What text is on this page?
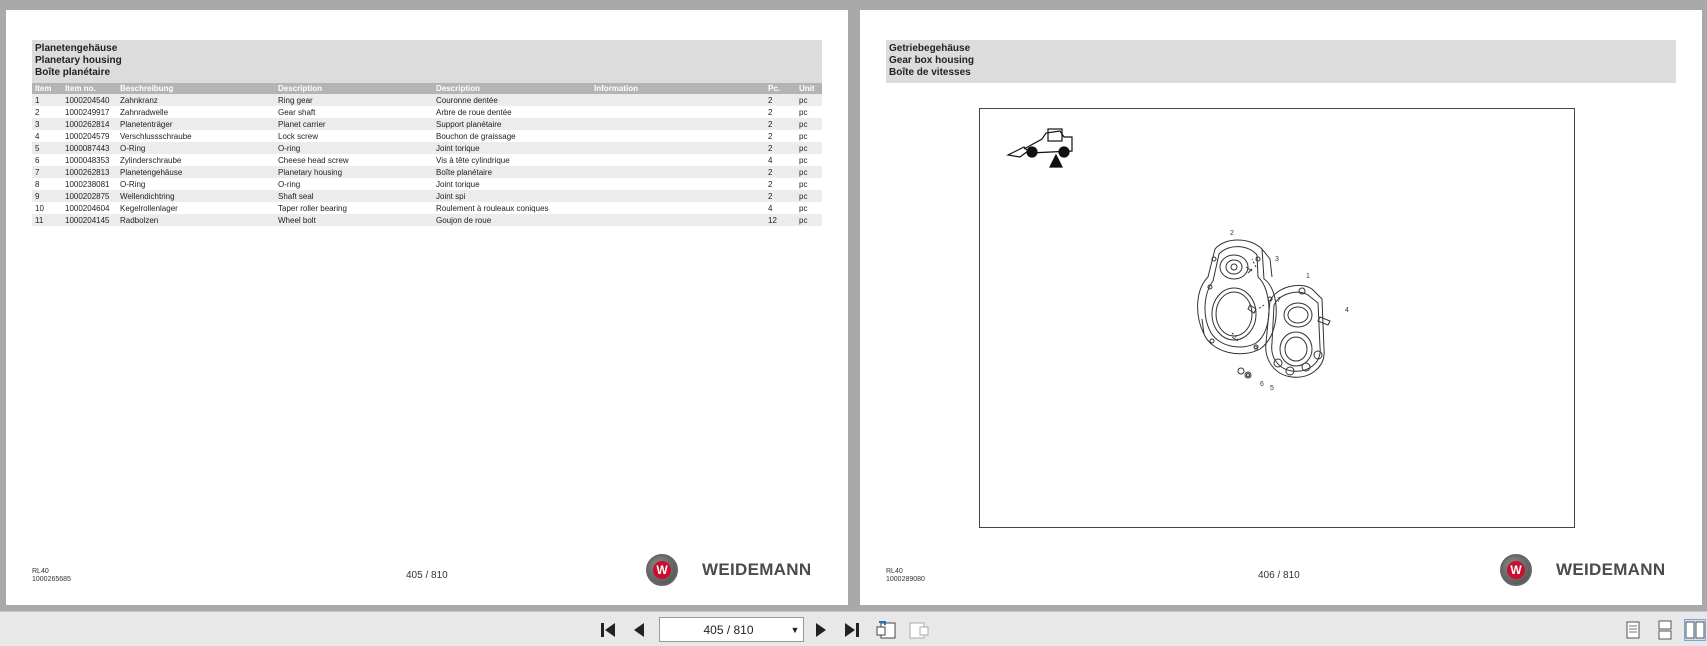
Planetengehäuse
Planetary housing
Boîte planétaire
Item	Item no.	Beschreibung	Description	Description	Information	Pc.	Unit
1	1000204540	Zahnkranz	Ring gear	Couronne dentée		2	pc
2	1000249917	Zahnradwelle	Gear shaft	Arbre de roue dentée		2	pc
3	1000262814	Planetenträger	Planet carrier	Support planétaire		2	pc
4	1000204579	Verschlussschraube	Lock screw	Bouchon de graissage		2	pc
5	1000087443	O-Ring	O-ring	Joint torique		2	pc
6	1000048353	Zylinderschraube	Cheese head screw	Vis à tête cylindrique		4	pc
7	1000262813	Planetengehäuse	Planetary housing	Boîte planétaire		2	pc
8	1000238081	O-Ring	O-ring	Joint torique		2	pc
9	1000202875	Wellendichtring	Shaft seal	Joint spi		2	pc
10	1000204604	Kegelrollenlager	Taper roller bearing	Roulement à rouleaux coniques		4	pc
11	1000204145	Radbolzen	Wheel bolt	Goujon de roue		12	pc
RL40
1000265685	405 / 810	W WEIDEMANN
Getriebegehäuse
Gear box housing
Boîte de vitesses
2
3
7
1
4
3
6
5
RL40
1000289080	406 / 810	W WEIDEMANN
405 / 810	▼
